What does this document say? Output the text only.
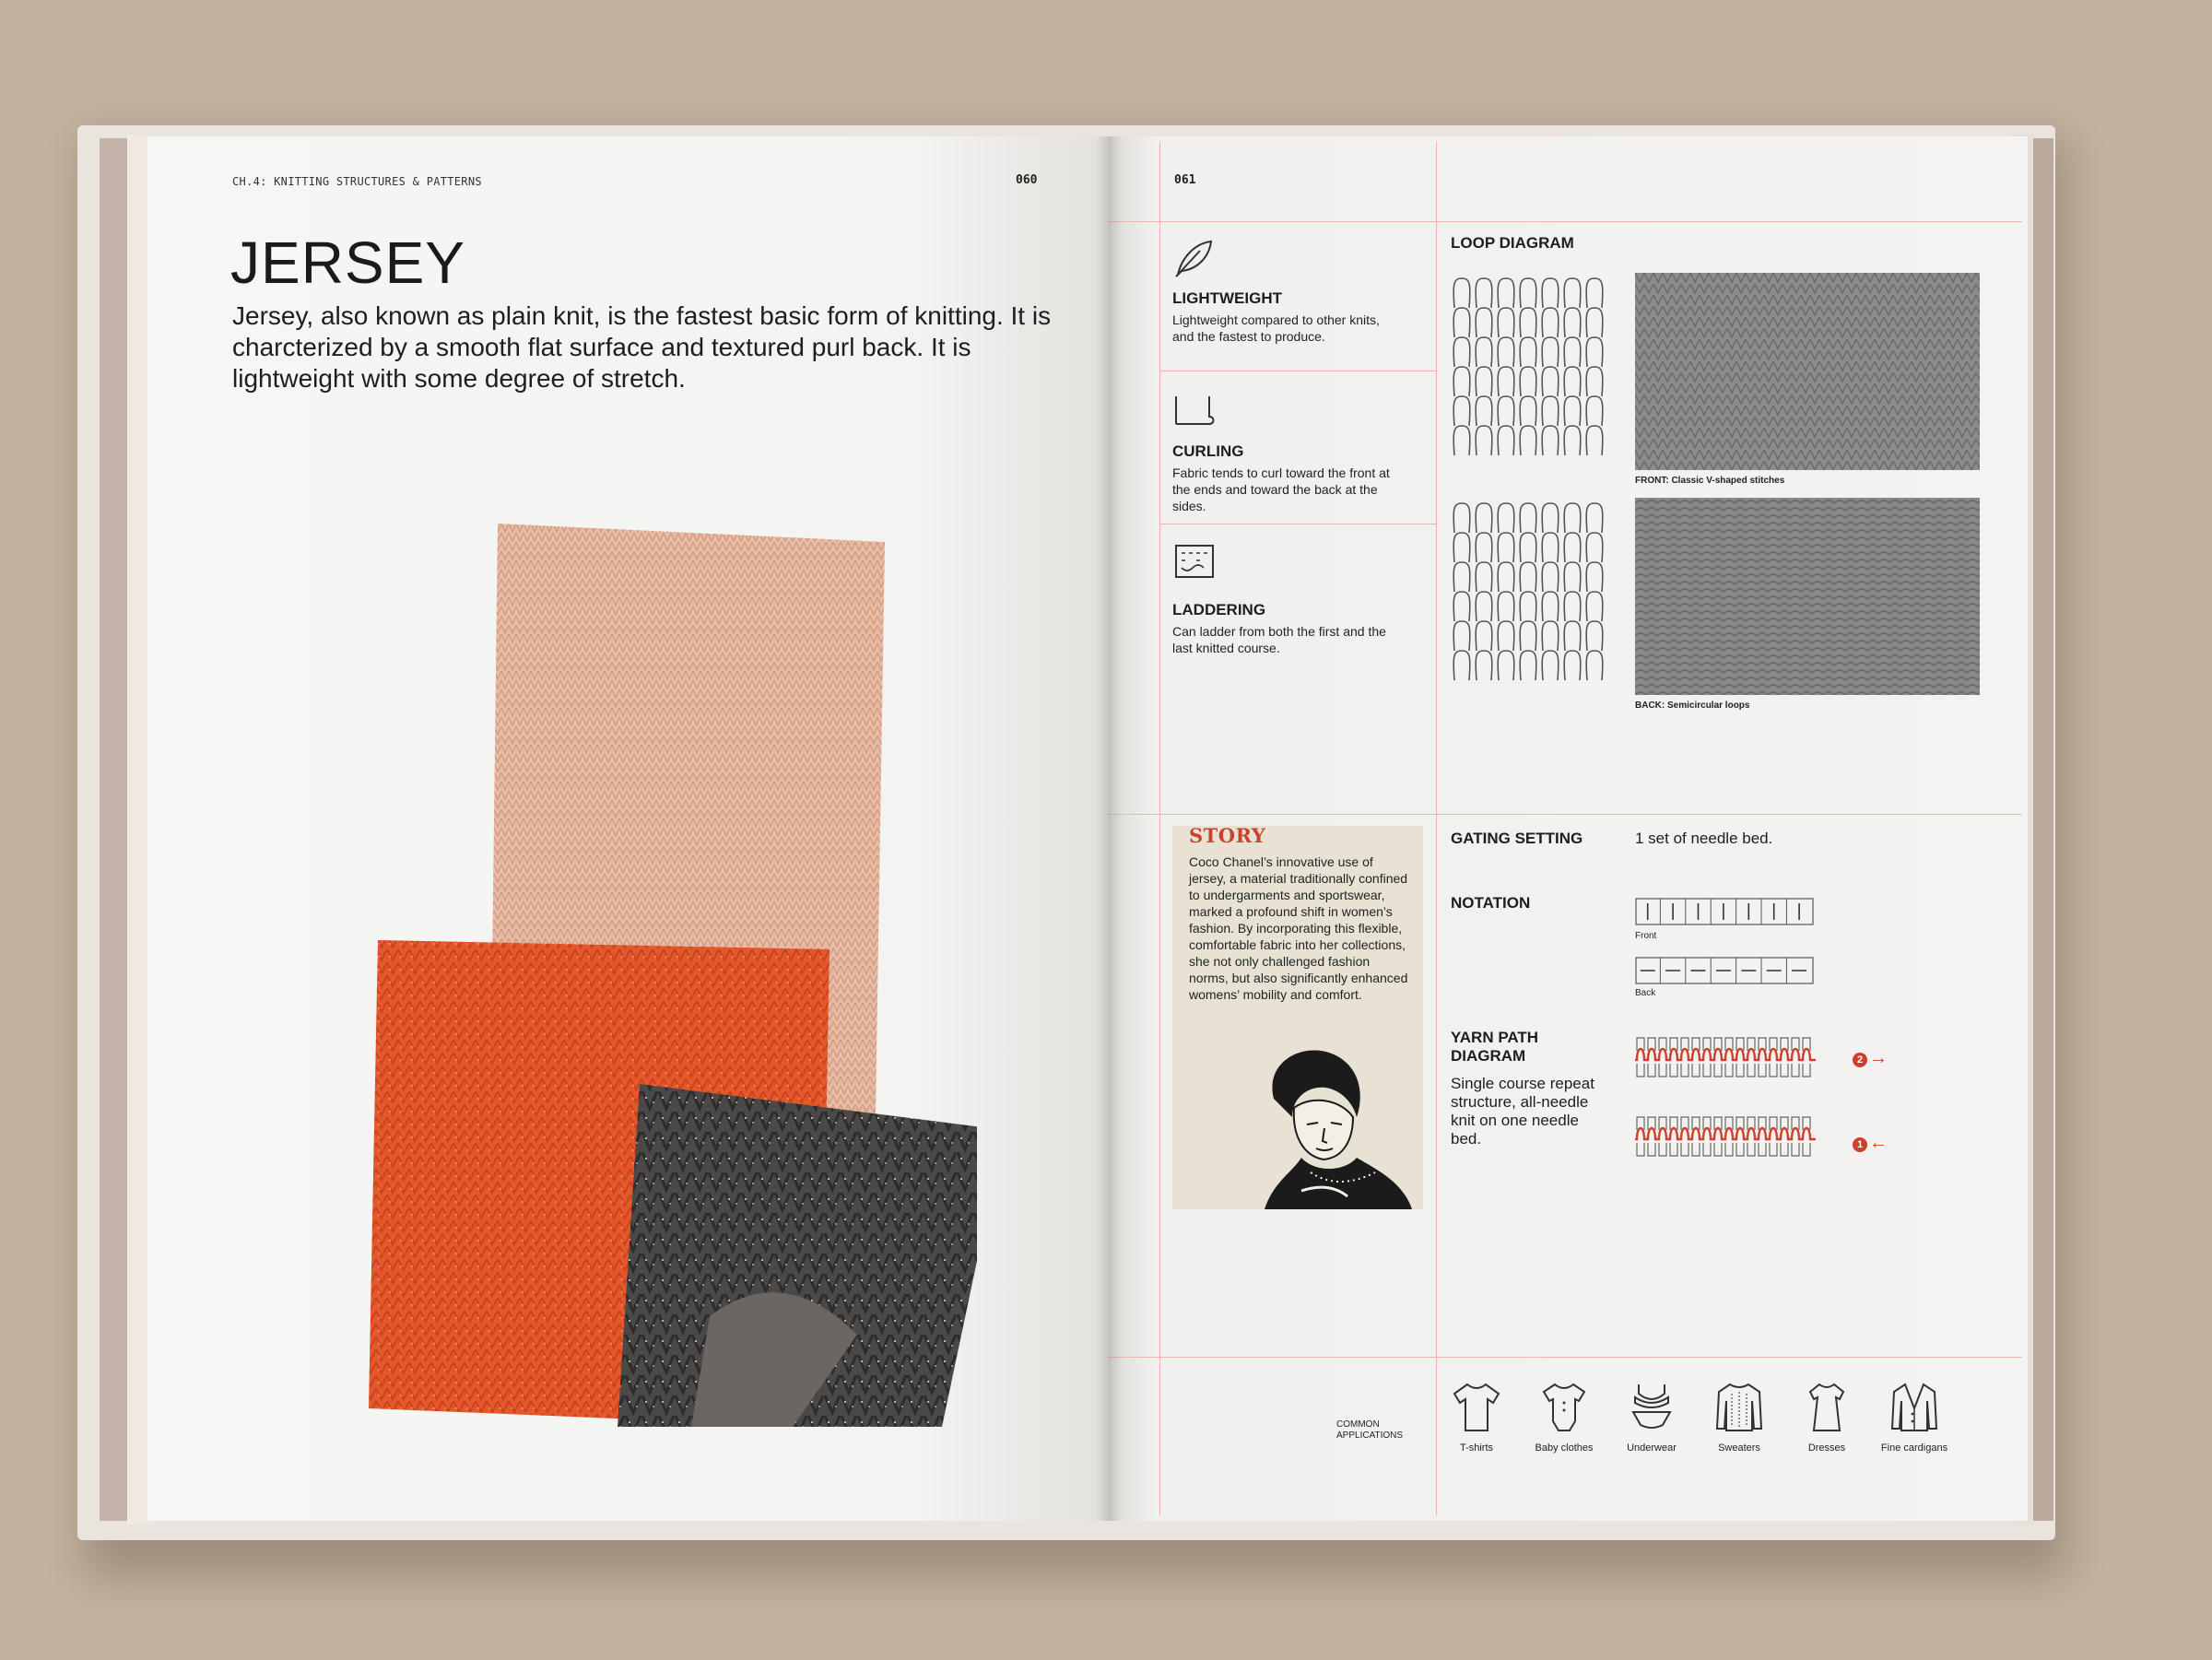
CH.4: KNITTING STRUCTURES & PATTERNS	060
JERSEY

Jersey, also known as plain knit, is the fastest basic form of knitting. It is charcterized by a smooth flat surface and textured purl back. It is lightweight with some degree of stretch.

061
LIGHTWEIGHT

Lightweight compared to other knits, and the fastest to produce.

CURLING

Fabric tends to curl toward the front at the ends and toward the back at the sides.

LADDERING

Can ladder from both the first and the last knitted course.

LOOP DIAGRAM
FRONT: Classic V-shaped stitches
BACK: Semicircular loops
STORY

Coco Chanel’s innovative use of jersey, a material traditionally confined to undergarments and sportswear, marked a profound shift in women’s fashion. By incorporating this flexible, comfortable fabric into her collections, she not only challenged fashion norms, but also significantly enhanced womens’ mobility and comfort.

GATING SETTING	1 set of needle bed.
NOTATION
Front
Back
YARN PATH DIAGRAM

Single course repeat structure, all-needle knit on one needle bed.

2 →
1 ←
COMMON APPLICATIONS
T-shirts	Baby clothes	Underwear	Sweaters	Dresses	Fine cardigans
